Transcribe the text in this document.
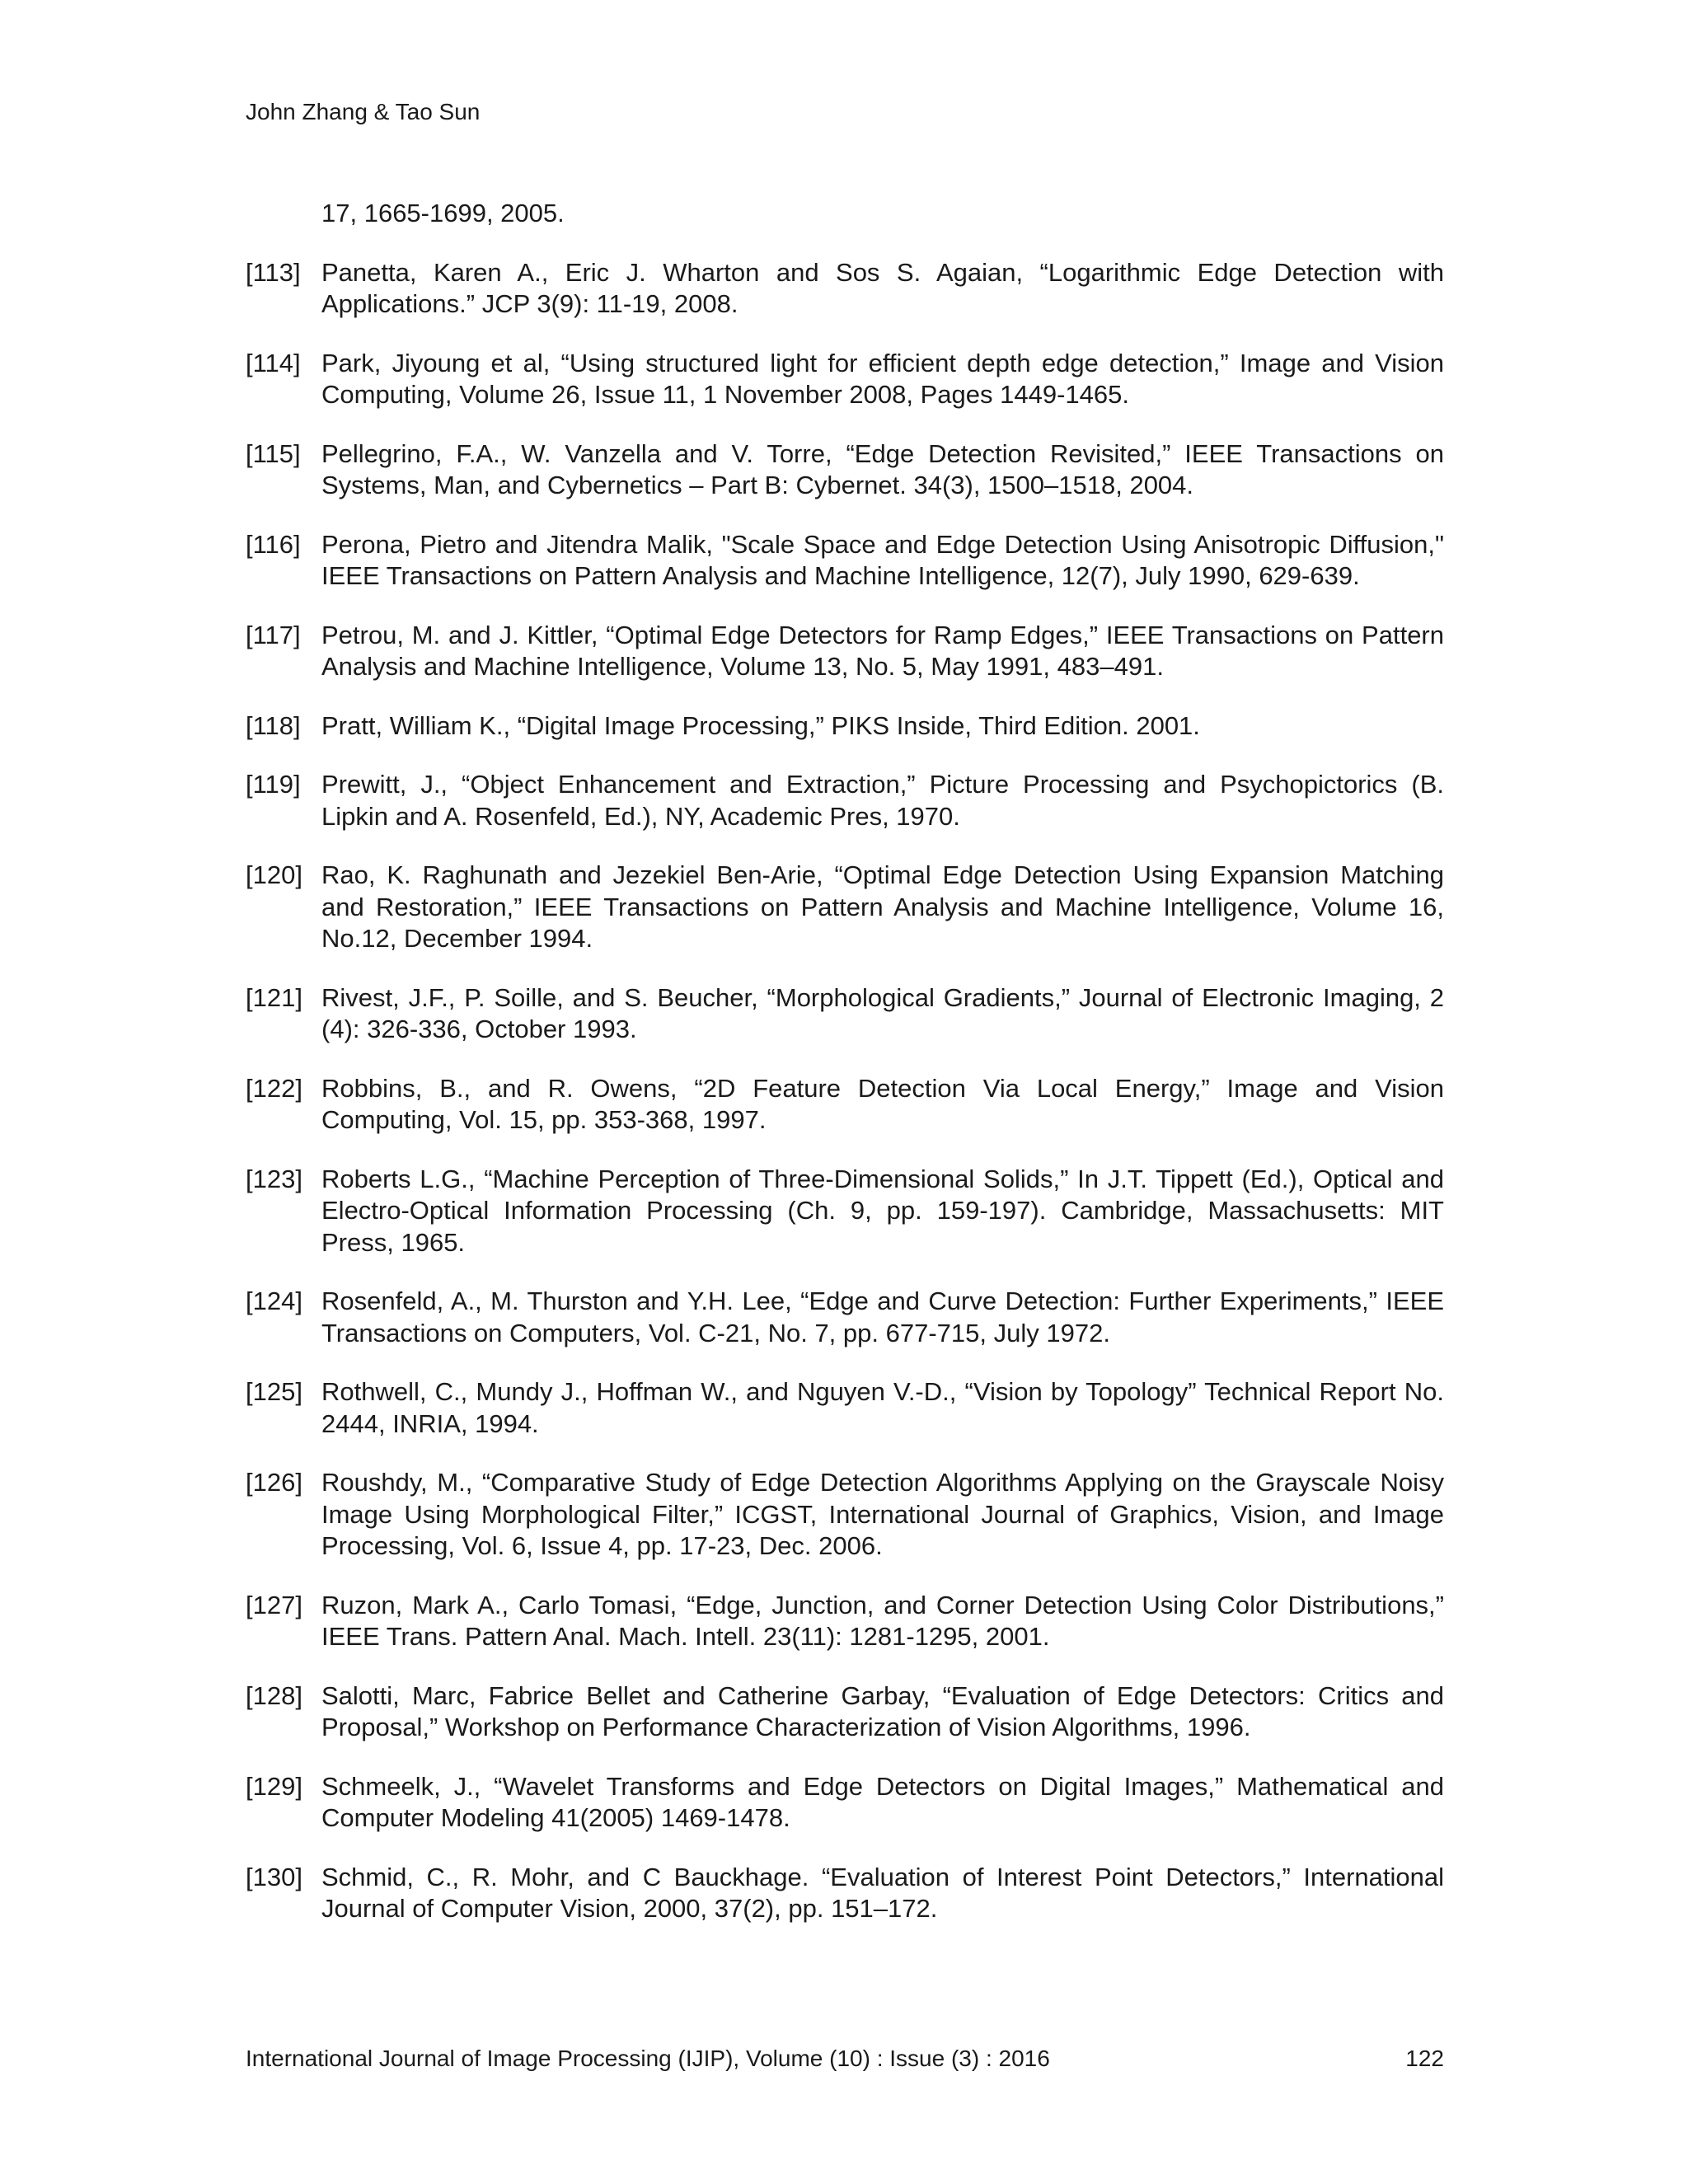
John Zhang & Tao Sun
17, 1665-1699, 2005.
[113] Panetta, Karen A., Eric J. Wharton and Sos S. Agaian, “Logarithmic Edge Detection with Applications.” JCP 3(9): 11-19, 2008.
[114] Park, Jiyoung et al, “Using structured light for efficient depth edge detection,” Image and Vision Computing, Volume 26, Issue 11, 1 November 2008, Pages 1449-1465.
[115] Pellegrino, F.A., W. Vanzella and V. Torre, “Edge Detection Revisited,” IEEE Transactions on Systems, Man, and Cybernetics – Part B: Cybernet. 34(3), 1500–1518, 2004.
[116] Perona, Pietro and Jitendra Malik, "Scale Space and Edge Detection Using Anisotropic Diffusion," IEEE Transactions on Pattern Analysis and Machine Intelligence, 12(7), July 1990, 629-639.
[117] Petrou, M. and J. Kittler, “Optimal Edge Detectors for Ramp Edges,” IEEE Transactions on Pattern Analysis and Machine Intelligence, Volume 13, No. 5, May 1991, 483–491.
[118] Pratt, William K., “Digital Image Processing,” PIKS Inside, Third Edition. 2001.
[119] Prewitt, J., “Object Enhancement and Extraction,” Picture Processing and Psychopictorics (B. Lipkin and A. Rosenfeld, Ed.), NY, Academic Pres, 1970.
[120] Rao, K. Raghunath and Jezekiel Ben-Arie, “Optimal Edge Detection Using Expansion Matching and Restoration,” IEEE Transactions on Pattern Analysis and Machine Intelligence, Volume 16, No.12, December 1994.
[121] Rivest, J.F., P. Soille, and S. Beucher, “Morphological Gradients,” Journal of Electronic Imaging, 2 (4): 326-336, October 1993.
[122] Robbins, B., and R. Owens, “2D Feature Detection Via Local Energy,” Image and Vision Computing, Vol. 15, pp. 353-368, 1997.
[123] Roberts L.G., “Machine Perception of Three-Dimensional Solids,” In J.T. Tippett (Ed.), Optical and Electro-Optical Information Processing (Ch. 9, pp. 159-197). Cambridge, Massachusetts: MIT Press, 1965.
[124] Rosenfeld, A., M. Thurston and Y.H. Lee, “Edge and Curve Detection: Further Experiments,” IEEE Transactions on Computers, Vol. C-21, No. 7, pp. 677-715, July 1972.
[125] Rothwell, C., Mundy J., Hoffman W., and Nguyen V.-D., “Vision by Topology” Technical Report No. 2444, INRIA, 1994.
[126] Roushdy, M., “Comparative Study of Edge Detection Algorithms Applying on the Grayscale Noisy Image Using Morphological Filter,” ICGST, International Journal of Graphics, Vision, and Image Processing, Vol. 6, Issue 4, pp. 17-23, Dec. 2006.
[127] Ruzon, Mark A., Carlo Tomasi, “Edge, Junction, and Corner Detection Using Color Distributions,” IEEE Trans. Pattern Anal. Mach. Intell. 23(11): 1281-1295, 2001.
[128] Salotti, Marc, Fabrice Bellet and Catherine Garbay, “Evaluation of Edge Detectors: Critics and Proposal,” Workshop on Performance Characterization of Vision Algorithms, 1996.
[129] Schmeelk, J., “Wavelet Transforms and Edge Detectors on Digital Images,” Mathematical and Computer Modeling 41(2005) 1469-1478.
[130] Schmid, C., R. Mohr, and C Bauckhage. “Evaluation of Interest Point Detectors,” International Journal of Computer Vision, 2000, 37(2), pp. 151–172.
International Journal of Image Processing (IJIP), Volume (10) : Issue (3) : 2016	122
